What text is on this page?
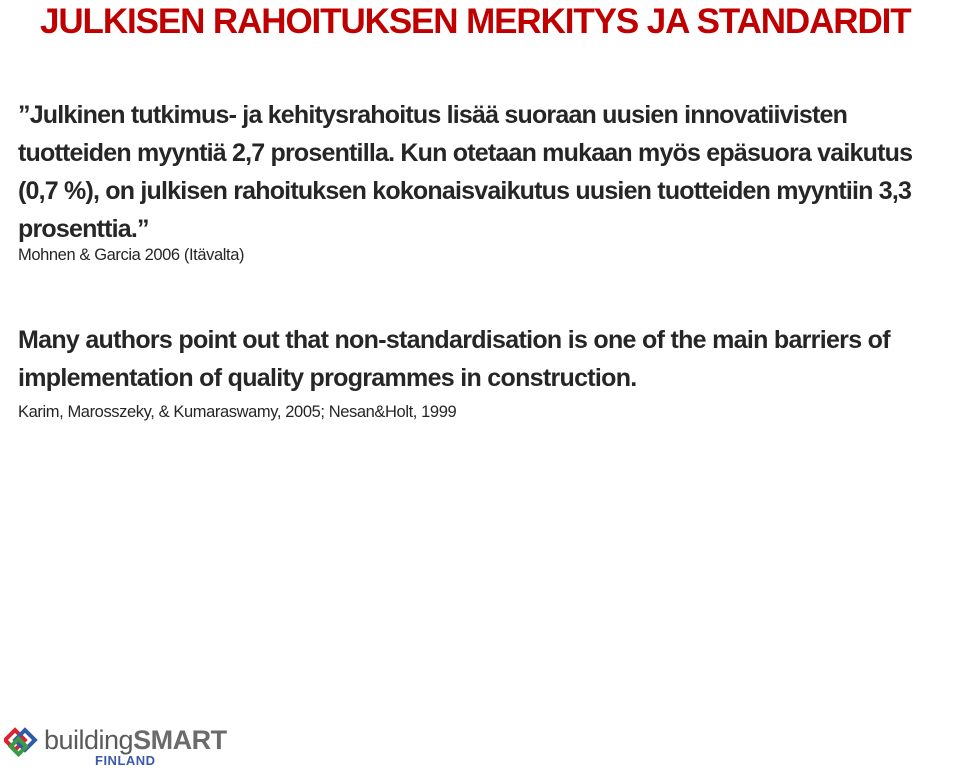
JULKISEN RAHOITUKSEN MERKITYS JA STANDARDIT
”Julkinen tutkimus- ja kehitysrahoitus lisää suoraan uusien innovatiivisten tuotteiden myyntiä 2,7 prosentilla. Kun otetaan mukaan myös epäsuora vaikutus (0,7 %), on julkisen rahoituksen kokonaisvaikutus uusien tuotteiden myyntiin 3,3 prosenttia.”
Mohnen & Garcia 2006 (Itävalta)
Many authors point out that non-standardisation is one of the main barriers of implementation of quality programmes in construction.
Karim, Marosszeky, & Kumaraswamy, 2005; Nesan&Holt, 1999
buildingSMART
FINLAND
